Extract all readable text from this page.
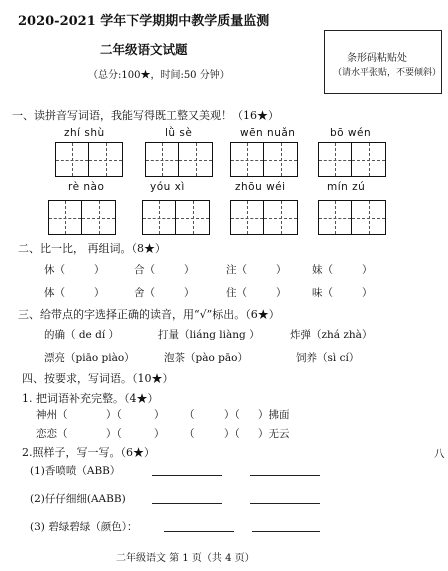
2020-2021 学年下学期期中教学质量监测
二年级语文试题
（总分:100★，时间:50 分钟）
条形码粘贴处
（请水平张贴，不要倾斜）
一、读拼音写词语，我能写得既工整又美观！（16★）
zhí shù	lǜ sè	wēn nuǎn	bō wén
rè nào	yóu xì	zhōu wéi	mín zú
二、比一比， 再组词。（8★）
休（	）	合（	）	注（	） 妹（	）
体（	）	舍（	）	住（	） 味（	）
三、给带点的字选择正确的读音，用“√”标出。（6★）
的确（ de dí ）	打量（liáng liàng ）	炸弹（zhá zhà）
漂亮（piāo piào）	泡茶（pào pāo）	饲养（sì cí）
四、按要求，写词语。（10★）
1. 把词语补充完整。（4★）
神州（	）（	） （	）（ ）拂面
恋恋（	）（	） （	）（ ）无云
2.照样子，写一写。（6★）
(1)香喷喷（ABB）
(2)仔仔细细(AABB)
(3) 碧绿碧绿（颜色）：
二年级语文 第 1 页（共 4 页）
八
